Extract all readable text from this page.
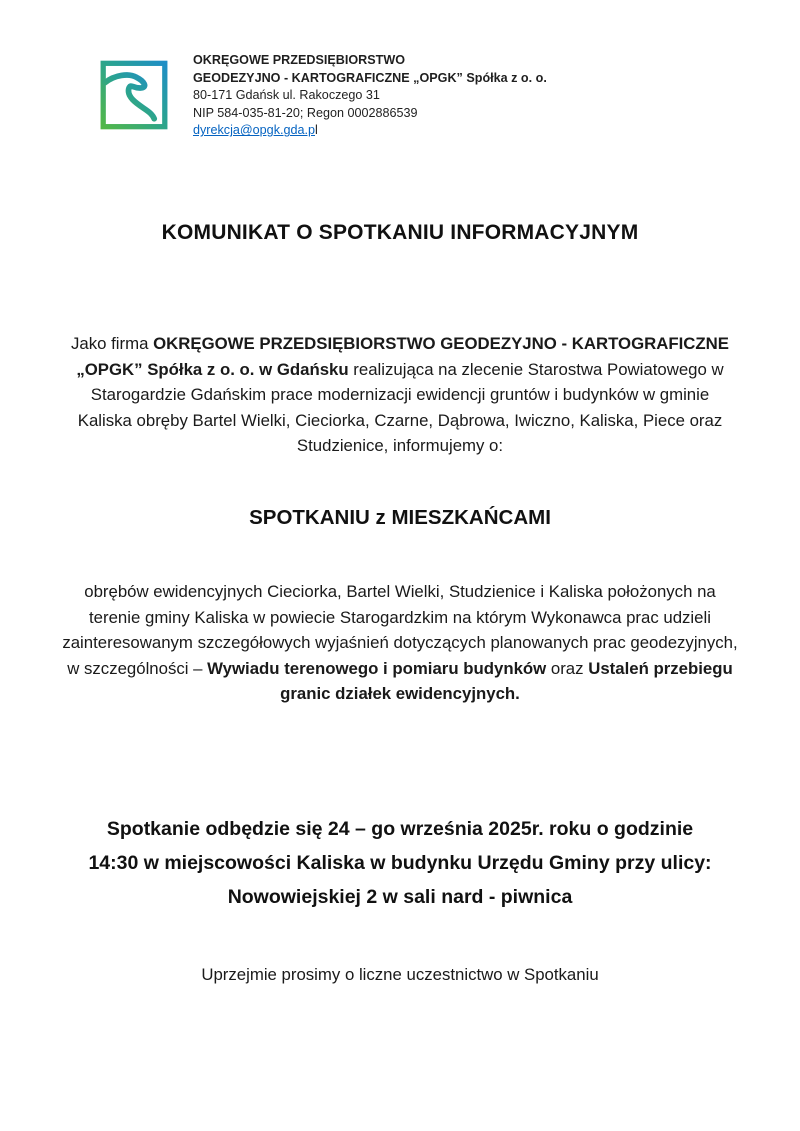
OKRĘGOWE PRZEDSIĘBIORSTWO
GEODEZYJNO - KARTOGRAFICZNE „OPGK” Spółka z o. o.
80-171 Gdańsk ul. Rakoczego 31
NIP 584-035-81-20; Regon 0002886539
dyrekcja@opgk.gda.pl
KOMUNIKAT O SPOTKANIU INFORMACYJNYM

Jako firma OKRĘGOWE PRZEDSIĘBIORSTWO GEODEZYJNO - KARTOGRAFICZNE „OPGK” Spółka z o. o. w Gdańsku realizująca na zlecenie Starostwa Powiatowego w Starogardzie Gdańskim prace modernizacji ewidencji gruntów i budynków w gminie Kaliska obręby Bartel Wielki, Cieciorka, Czarne, Dąbrowa, Iwiczno, Kaliska, Piece oraz Studzienice, informujemy o:

SPOTKANIU z MIESZKAŃCAMI

obrębów ewidencyjnych Cieciorka, Bartel Wielki, Studzienice i Kaliska położonych na terenie gminy Kaliska w powiecie Starogardzkim na którym Wykonawca prac udzieli zainteresowanym szczegółowych wyjaśnień dotyczących planowanych prac geodezyjnych, w szczególności – Wywiadu terenowego i pomiaru budynków oraz Ustaleń przebiegu granic działek ewidencyjnych.

Spotkanie odbędzie się 24 – go września 2025r. roku o godzinie
14:30 w miejscowości Kaliska w budynku Urzędu Gminy przy ulicy:
Nowowiejskiej 2 w sali nard - piwnica

Uprzejmie prosimy o liczne uczestnictwo w Spotkaniu
